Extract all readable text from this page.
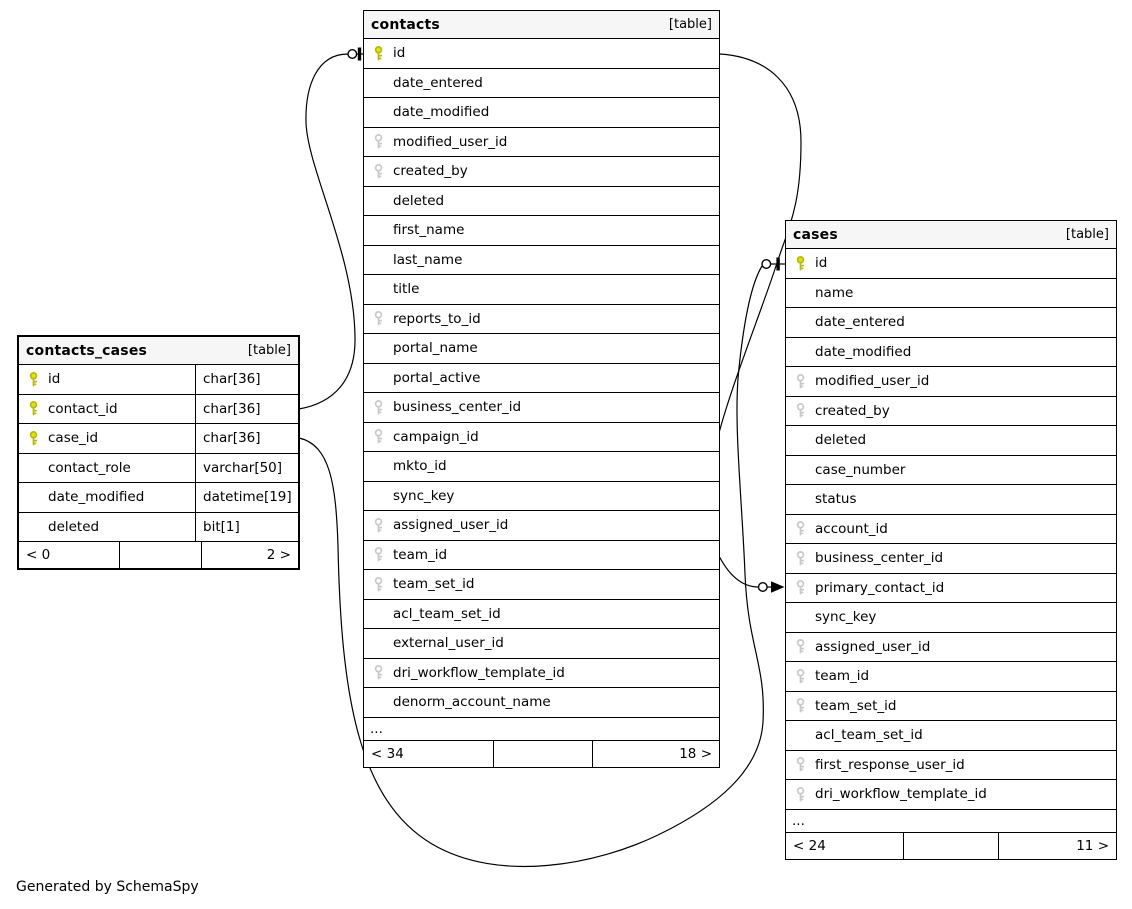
contacts	[table]
id
date_entered
date_modified
modified_user_id
created_by
deleted
first_name
last_name
title
reports_to_id
portal_name
portal_active
business_center_id
campaign_id
mkto_id
sync_key
assigned_user_id
team_id
team_set_id
acl_team_set_id
external_user_id
dri_workflow_template_id
denorm_account_name
...
< 34	18 >
contacts_cases	[table]
id	char[36]
contact_id	char[36]
case_id	char[36]
contact_role	varchar[50]
date_modified	datetime[19]
deleted	bit[1]
< 0	2 >
cases	[table]
id
name
date_entered
date_modified
modified_user_id
created_by
deleted
case_number
status
account_id
business_center_id
primary_contact_id
sync_key
assigned_user_id
team_id
team_set_id
acl_team_set_id
first_response_user_id
dri_workflow_template_id
...
< 24	11 >
Generated by SchemaSpy
